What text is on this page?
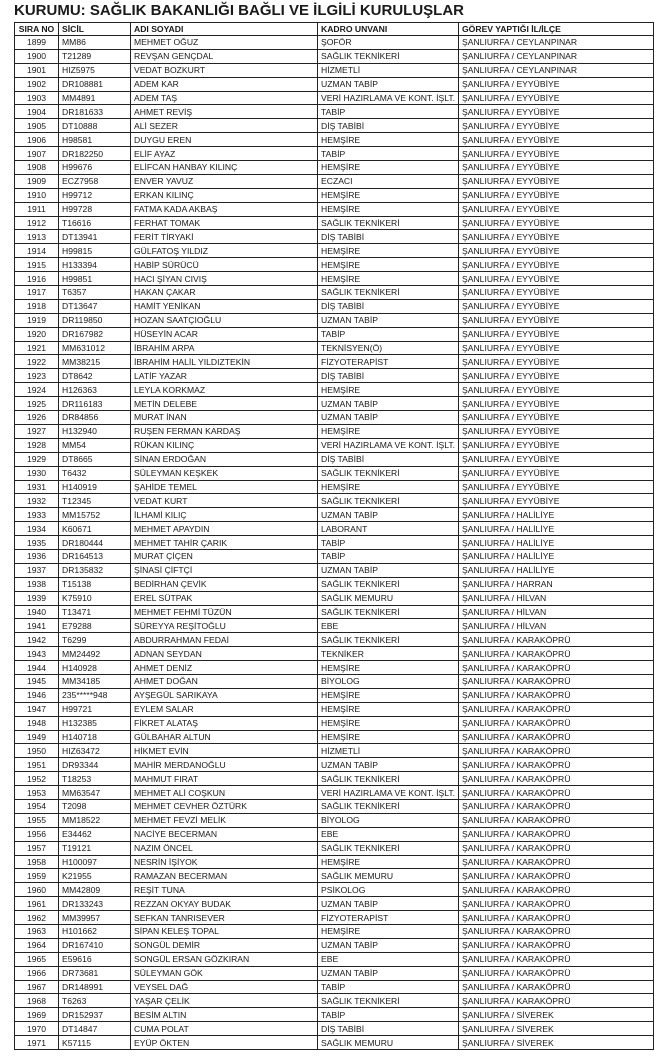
KURUMU: SAĞLIK BAKANLIĞI BAĞLI VE İLGİLİ KURULUŞLAR
SIRA NO	SİCİL	ADI SOYADI	KADRO UNVANI	GÖREV YAPTIĞI İL/İLÇE
1899	MM86	MEHMET OĞUZ	ŞOFÖR	ŞANLIURFA / CEYLANPINAR
1900	T21289	REVŞAN GENÇDAL	SAĞLIK TEKNİKERİ	ŞANLIURFA / CEYLANPINAR
1901	HIZ5975	VEDAT BOZKURT	HİZMETLİ	ŞANLIURFA / CEYLANPINAR
1902	DR108881	ADEM KAR	UZMAN TABİP	ŞANLIURFA / EYYÜBİYE
1903	MM4891	ADEM TAŞ	VERİ HAZIRLAMA VE KONT. İŞLT.	ŞANLIURFA / EYYÜBİYE
1904	DR181633	AHMET REVİŞ	TABİP	ŞANLIURFA / EYYÜBİYE
1905	DT10888	ALİ SEZER	DİŞ TABİBİ	ŞANLIURFA / EYYÜBİYE
1906	H98581	DUYGU EREN	HEMŞİRE	ŞANLIURFA / EYYÜBİYE
1907	DR182250	ELİF AYAZ	TABİP	ŞANLIURFA / EYYÜBİYE
1908	H99676	ELİFCAN HANBAY KILINÇ	HEMŞİRE	ŞANLIURFA / EYYÜBİYE
1909	ECZ7958	ENVER YAVUZ	ECZACI	ŞANLIURFA / EYYÜBİYE
1910	H99712	ERKAN KILINÇ	HEMŞİRE	ŞANLIURFA / EYYÜBİYE
1911	H99728	FATMA KADA AKBAŞ	HEMŞİRE	ŞANLIURFA / EYYÜBİYE
1912	T16616	FERHAT TOMAK	SAĞLIK TEKNİKERİ	ŞANLIURFA / EYYÜBİYE
1913	DT13941	FERİT TİRYAKİ	DİŞ TABİBİ	ŞANLIURFA / EYYÜBİYE
1914	H99815	GÜLFATOŞ YILDIZ	HEMŞİRE	ŞANLIURFA / EYYÜBİYE
1915	H133394	HABİP SÜRÜCÜ	HEMŞİRE	ŞANLIURFA / EYYÜBİYE
1916	H99851	HACI ŞİYAN CIVIŞ	HEMŞİRE	ŞANLIURFA / EYYÜBİYE
1917	T6357	HAKAN ÇAKAR	SAĞLIK TEKNİKERİ	ŞANLIURFA / EYYÜBİYE
1918	DT13647	HAMİT YENİKAN	DİŞ TABİBİ	ŞANLIURFA / EYYÜBİYE
1919	DR119850	HOZAN SAATÇIOĞLU	UZMAN TABİP	ŞANLIURFA / EYYÜBİYE
1920	DR167982	HÜSEYİN ACAR	TABİP	ŞANLIURFA / EYYÜBİYE
1921	MM631012	İBRAHİM ARPA	TEKNİSYEN(Ö)	ŞANLIURFA / EYYÜBİYE
1922	MM38215	İBRAHİM HALİL YILDIZTEKİN	FİZYOTERAPİST	ŞANLIURFA / EYYÜBİYE
1923	DT8642	LATİF YAZAR	DİŞ TABİBİ	ŞANLIURFA / EYYÜBİYE
1924	H126363	LEYLA KORKMAZ	HEMŞİRE	ŞANLIURFA / EYYÜBİYE
1925	DR116183	METİN DELEBE	UZMAN TABİP	ŞANLIURFA / EYYÜBİYE
1926	DR84856	MURAT İNAN	UZMAN TABİP	ŞANLIURFA / EYYÜBİYE
1927	H132940	RUŞEN FERMAN KARDAŞ	HEMŞİRE	ŞANLIURFA / EYYÜBİYE
1928	MM54	RÜKAN KILINÇ	VERİ HAZIRLAMA VE KONT. İŞLT.	ŞANLIURFA / EYYÜBİYE
1929	DT8665	SİNAN ERDOĞAN	DİŞ TABİBİ	ŞANLIURFA / EYYÜBİYE
1930	T6432	SÜLEYMAN KEŞKEK	SAĞLIK TEKNİKERİ	ŞANLIURFA / EYYÜBİYE
1931	H140919	ŞAHİDE TEMEL	HEMŞİRE	ŞANLIURFA / EYYÜBİYE
1932	T12345	VEDAT KURT	SAĞLIK TEKNİKERİ	ŞANLIURFA / EYYÜBİYE
1933	MM15752	İLHAMİ KILIÇ	UZMAN TABİP	ŞANLIURFA / HALİLİYE
1934	K60671	MEHMET APAYDIN	LABORANT	ŞANLIURFA / HALİLİYE
1935	DR180444	MEHMET TAHİR ÇARIK	TABİP	ŞANLIURFA / HALİLİYE
1936	DR164513	MURAT ÇİÇEN	TABİP	ŞANLIURFA / HALİLİYE
1937	DR135832	ŞİNASİ ÇİFTÇİ	UZMAN TABİP	ŞANLIURFA / HALİLİYE
1938	T15138	BEDİRHAN ÇEVİK	SAĞLIK TEKNİKERİ	ŞANLIURFA / HARRAN
1939	K75910	EREL SÜTPAK	SAĞLIK MEMURU	ŞANLIURFA / HİLVAN
1940	T13471	MEHMET FEHMİ TÜZÜN	SAĞLIK TEKNİKERİ	ŞANLIURFA / HİLVAN
1941	E79288	SÜREYYA REŞİTOĞLU	EBE	ŞANLIURFA / HİLVAN
1942	T6299	ABDURRAHMAN FEDAİ	SAĞLIK TEKNİKERİ	ŞANLIURFA / KARAKÖPRÜ
1943	MM24492	ADNAN SEYDAN	TEKNİKER	ŞANLIURFA / KARAKÖPRÜ
1944	H140928	AHMET DENİZ	HEMŞİRE	ŞANLIURFA / KARAKÖPRÜ
1945	MM34185	AHMET DOĞAN	BİYOLOG	ŞANLIURFA / KARAKÖPRÜ
1946	235*****948	AYŞEGÜL SARIKAYA	HEMŞİRE	ŞANLIURFA / KARAKÖPRÜ
1947	H99721	EYLEM SALAR	HEMŞİRE	ŞANLIURFA / KARAKÖPRÜ
1948	H132385	FİKRET ALATAŞ	HEMŞİRE	ŞANLIURFA / KARAKÖPRÜ
1949	H140718	GÜLBAHAR ALTUN	HEMŞİRE	ŞANLIURFA / KARAKÖPRÜ
1950	HIZ63472	HİKMET EVİN	HİZMETLİ	ŞANLIURFA / KARAKÖPRÜ
1951	DR93344	MAHİR MERDANOĞLU	UZMAN TABİP	ŞANLIURFA / KARAKÖPRÜ
1952	T18253	MAHMUT FIRAT	SAĞLIK TEKNİKERİ	ŞANLIURFA / KARAKÖPRÜ
1953	MM63547	MEHMET ALİ COŞKUN	VERİ HAZIRLAMA VE KONT. İŞLT.	ŞANLIURFA / KARAKÖPRÜ
1954	T2098	MEHMET CEVHER ÖZTÜRK	SAĞLIK TEKNİKERİ	ŞANLIURFA / KARAKÖPRÜ
1955	MM18522	MEHMET FEVZİ MELİK	BİYOLOG	ŞANLIURFA / KARAKÖPRÜ
1956	E34462	NACİYE BECERMAN	EBE	ŞANLIURFA / KARAKÖPRÜ
1957	T19121	NAZIM ÖNCEL	SAĞLIK TEKNİKERİ	ŞANLIURFA / KARAKÖPRÜ
1958	H100097	NESRİN İŞİYOK	HEMŞİRE	ŞANLIURFA / KARAKÖPRÜ
1959	K21955	RAMAZAN BECERMAN	SAĞLIK MEMURU	ŞANLIURFA / KARAKÖPRÜ
1960	MM42809	REŞİT TUNA	PSİKOLOG	ŞANLIURFA / KARAKÖPRÜ
1961	DR133243	REZZAN OKYAY BUDAK	UZMAN TABİP	ŞANLIURFA / KARAKÖPRÜ
1962	MM39957	SEFKAN TANRISEVER	FİZYOTERAPİST	ŞANLIURFA / KARAKÖPRÜ
1963	H101662	SİPAN KELEŞ TOPAL	HEMŞİRE	ŞANLIURFA / KARAKÖPRÜ
1964	DR167410	SONGÜL DEMİR	UZMAN TABİP	ŞANLIURFA / KARAKÖPRÜ
1965	E59616	SONGÜL ERSAN GÖZKIRAN	EBE	ŞANLIURFA / KARAKÖPRÜ
1966	DR73681	SÜLEYMAN GÖK	UZMAN TABİP	ŞANLIURFA / KARAKÖPRÜ
1967	DR148991	VEYSEL DAĞ	TABİP	ŞANLIURFA / KARAKÖPRÜ
1968	T6263	YAŞAR ÇELİK	SAĞLIK TEKNİKERİ	ŞANLIURFA / KARAKÖPRÜ
1969	DR152937	BESİM ALTIN	TABİP	ŞANLIURFA / SİVEREK
1970	DT14847	CUMA POLAT	DİŞ TABİBİ	ŞANLIURFA / SİVEREK
1971	K57115	EYÜP ÖKTEN	SAĞLIK MEMURU	ŞANLIURFA / SİVEREK
